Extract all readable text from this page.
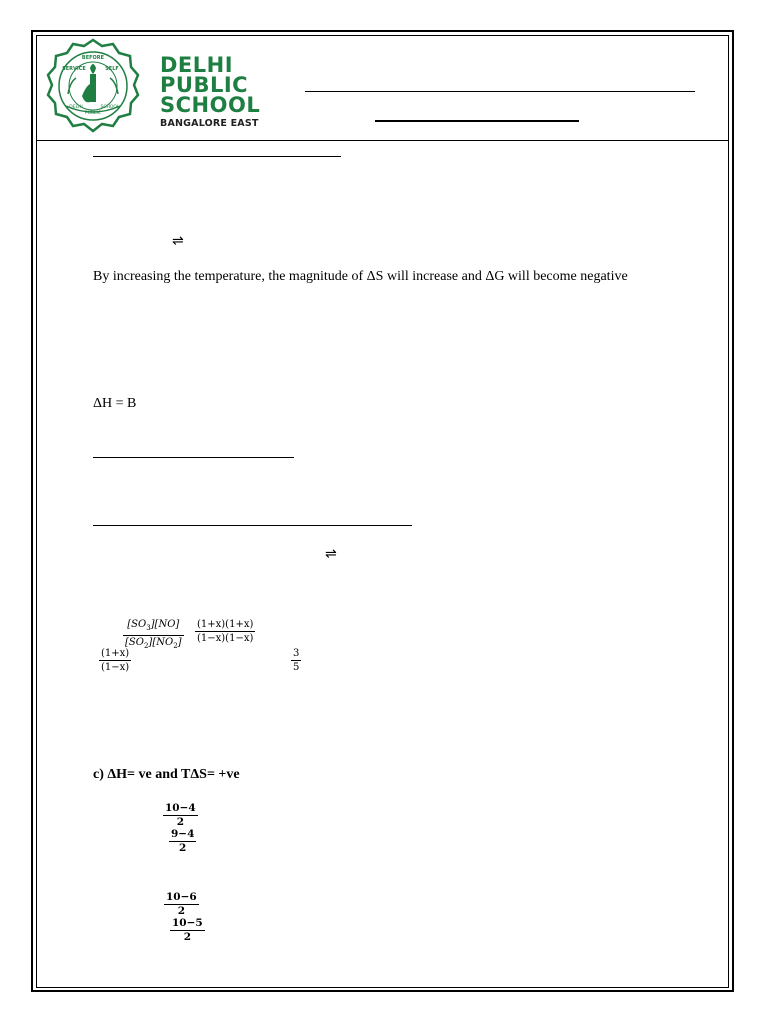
BEFORE
SERVICE	SELF
DELHI
PUBLIC
SCHOOL
DELHI
PUBLIC
SCHOOL
BANGALORE EAST
⇌
By increasing the temperature, the magnitude of ΔS will increase and ΔG will become negative
ΔH = B
⇌
$[SO_3][NO]$
$[SO_2][NO_2]$
(1+x)(1+x)
(1−x)(1−x)
(1+x)
(1−x)
3
5
c) ΔH= ve and TΔS= +ve
10−4
2
9−4
2
10−6
2
10−5
2
